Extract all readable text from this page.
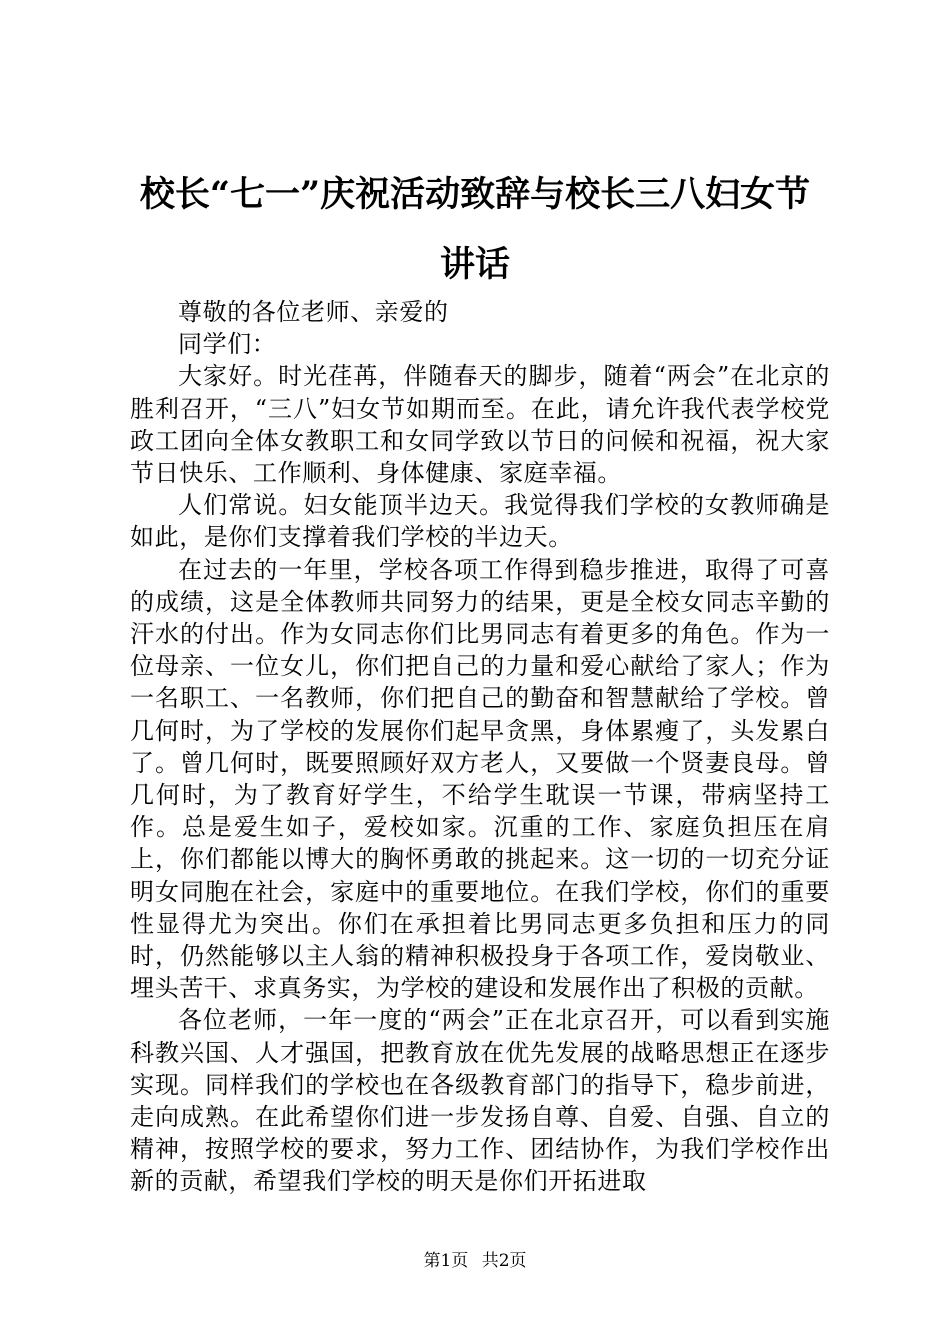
校长“七一”庆祝活动致辞与校长三八妇女节
讲话

尊敬的各位老师、亲爱的

同学们：

大家好。时光荏苒，伴随春天的脚步，随着“两会”在北京的胜利召开，“三八”妇女节如期而至。在此，请允许我代表学校党政工团向全体女教职工和女同学致以节日的问候和祝福，祝大家节日快乐、工作顺利、身体健康、家庭幸福。

人们常说。妇女能顶半边天。我觉得我们学校的女教师确是如此，是你们支撑着我们学校的半边天。

在过去的一年里，学校各项工作得到稳步推进，取得了可喜的成绩，这是全体教师共同努力的结果，更是全校女同志辛勤的汗水的付出。作为女同志你们比男同志有着更多的角色。作为一位母亲、一位女儿，你们把自己的力量和爱心献给了家人；作为一名职工、一名教师，你们把自己的勤奋和智慧献给了学校。曾几何时，为了学校的发展你们起早贪黑，身体累瘦了，头发累白了。曾几何时，既要照顾好双方老人，又要做一个贤妻良母。曾几何时，为了教育好学生，不给学生耽误一节课，带病坚持工作。总是爱生如子，爱校如家。沉重的工作、家庭负担压在肩上，你们都能以博大的胸怀勇敢的挑起来。这一切的一切充分证明女同胞在社会，家庭中的重要地位。在我们学校，你们的重要性显得尤为突出。你们在承担着比男同志更多负担和压力的同时，仍然能够以主人翁的精神积极投身于各项工作，爱岗敬业、埋头苦干、求真务实，为学校的建设和发展作出了积极的贡献。

各位老师，一年一度的“两会”正在北京召开，可以看到实施科教兴国、人才强国，把教育放在优先发展的战略思想正在逐步实现。同样我们的学校也在各级教育部门的指导下，稳步前进，走向成熟。在此希望你们进一步发扬自尊、自爱、自强、自立的精神，按照学校的要求，努力工作、团结协作，为我们学校作出新的贡献，希望我们学校的明天是你们开拓进取

第1页 共2页
